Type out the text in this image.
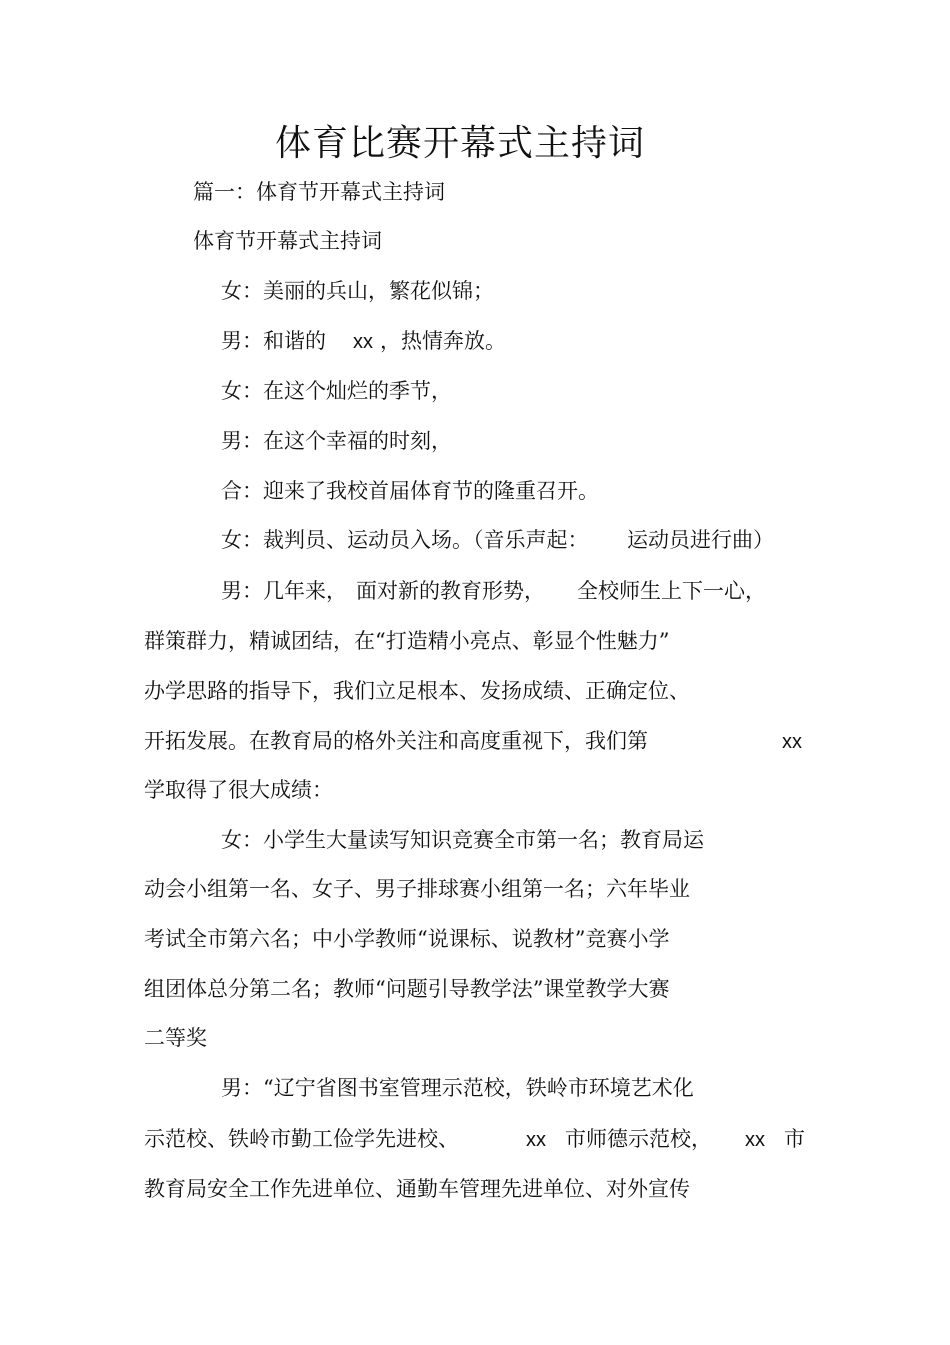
体育比赛开幕式主持词
篇一：体育节开幕式主持词
体育节开幕式主持词
女：美丽的兵山，繁花似锦；
男：和谐的 xx ，热情奔放。
女：在这个灿烂的季节，
男：在这个幸福的时刻，
合：迎来了我校首届体育节的隆重召开。
女：裁判员、运动员入场。（音乐声起： 运动员进行曲）
男：几年来， 面对新的教育形势， 全校师生上下一心，
群策群力，精诚团结，在“打造精小亮点、彰显个性魅力”
办学思路的指导下，我们立足根本、发扬成绩、正确定位、
开拓发展。在教育局的格外关注和高度重视下，我们第	xx
学取得了很大成绩：
女：小学生大量读写知识竞赛全市第一名；教育局运
动会小组第一名、女子、男子排球赛小组第一名；六年毕业
考试全市第六名；中小学教师“说课标、说教材”竞赛小学
组团体总分第二名；教师“问题引导教学法”课堂教学大赛
二等奖
男：“辽宁省图书室管理示范校，铁岭市环境艺术化
示范校、铁岭市勤工俭学先进校、	xx 市师德示范校， xx 市
教育局安全工作先进单位、通勤车管理先进单位、对外宣传
